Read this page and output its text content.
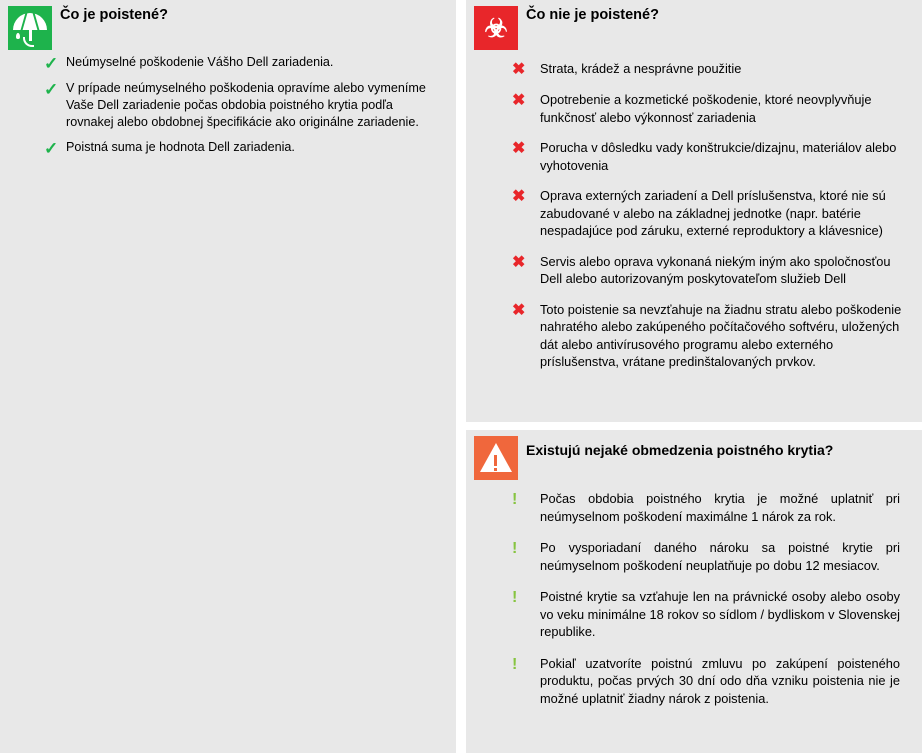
Čo je poistené?
✓ Neúmyselné poškodenie Vášho Dell zariadenia.
✓ V prípade neúmyselného poškodenia opravíme alebo vymeníme Vaše Dell zariadenie počas obdobia poistného krytia podľa rovnakej alebo obdobnej špecifikácie ako originálne zariadenie.
✓ Poistná suma je hodnota Dell zariadenia.
☣ Čo nie je poistené?
✖	Strata, krádež a nesprávne použitie
✖	Opotrebenie a kozmetické poškodenie, ktoré neovplyvňuje funkčnosť alebo výkonnosť zariadenia
✖	Porucha v dôsledku vady konštrukcie/dizajnu, materiálov alebo vyhotovenia
✖	Oprava externých zariadení a Dell príslušenstva, ktoré nie sú zabudované v alebo na základnej jednotke (napr. batérie nespadajúce pod záruku, externé reproduktory a klávesnice)
✖	Servis alebo oprava vykonaná niekým iným ako spoločnosťou Dell alebo autorizovaným poskytovateľom služieb Dell
✖	Toto poistenie sa nevzťahuje na žiadnu stratu alebo poškodenie nahratého alebo zakúpeného počítačového softvéru, uložených dát alebo antivírusového programu alebo externého príslušenstva, vrátane predinštalovaných prvkov.
Existujú nejaké obmedzenia poistného krytia?
!	Počas obdobia poistného krytia je možné uplatniť pri neúmyselnom poškodení maximálne 1 nárok za rok.
!	Po vysporiadaní daného nároku sa poistné krytie pri neúmyselnom poškodení neuplatňuje po dobu 12 mesiacov.
!	Poistné krytie sa vzťahuje len na právnické osoby alebo osoby vo veku minimálne 18 rokov so sídlom / bydliskom v Slovenskej republike.
!	Pokiaľ uzatvoríte poistnú zmluvu po zakúpení poisteného produktu, počas prvých 30 dní odo dňa vzniku poistenia nie je možné uplatniť žiadny nárok z poistenia.
